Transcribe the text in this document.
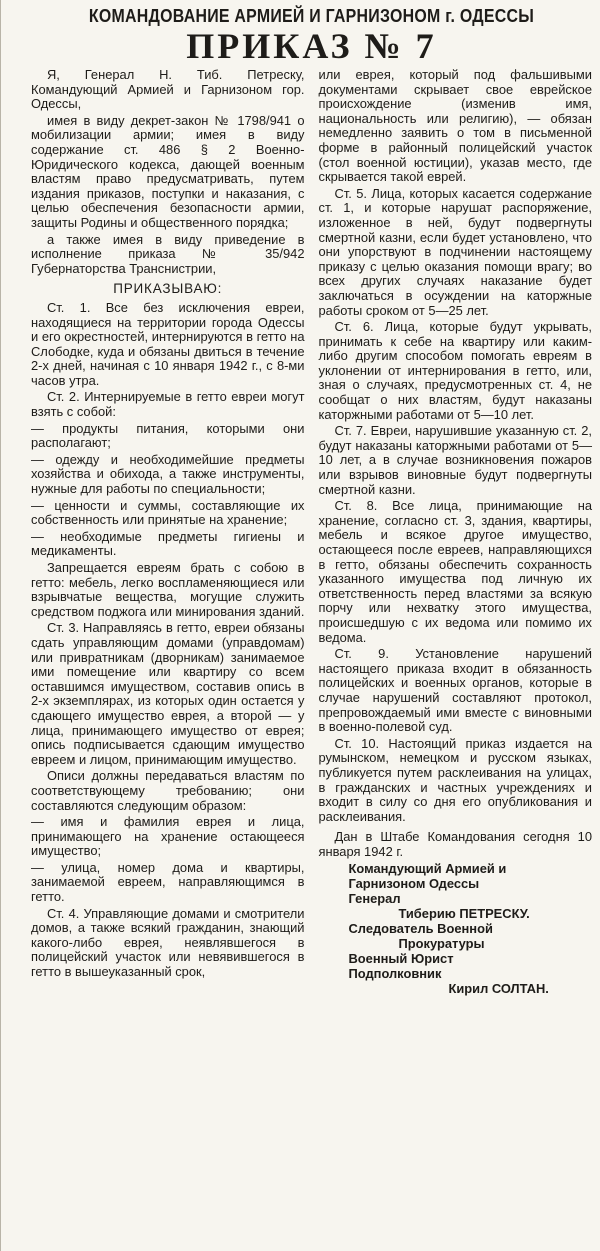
КОМАНДОВАНИЕ АРМИЕЙ И ГАРНИЗОНОМ г. ОДЕССЫ
ПРИКАЗ № 7

Я, Генерал Н. Тиб. Петреску, Командующий Армией и Гарнизоном гор. Одессы,

имея в виду декрет-закон № 1798/941 о мобилизации армии; имея в виду содержание ст. 486 § 2 Военно-Юридического кодекса, дающей военным властям право предусматривать, путем издания приказов, поступки и наказания, с целью обеспечения безопасности армии, защиты Родины и общественного порядка;

а также имея в виду приведение в исполнение приказа № 35/942 Губернаторства Транснистрии,

ПРИКАЗЫВАЮ:

Ст. 1. Все без исключения евреи, находящиеся на территории города Одессы и его окрестностей, интернируются в гетто на Слободке, куда и обязаны двиться в течение 2-х дней, начиная с 10 января 1942 г., с 8-ми часов утра.

Ст. 2. Интернируемые в гетто евреи могут взять с собой:

— продукты питания, которыми они располагают;

— одежду и необходимейшие предметы хозяйства и обихода, а также инструменты, нужные для работы по специальности;

— ценности и суммы, составляющие их собственность или принятые на хранение;

— необходимые предметы гигиены и медикаменты.

Запрещается евреям брать с собою в гетто: мебель, легко воспламеняющиеся или взрывчатые вещества, могущие служить средством поджога или минирования зданий.

Ст. 3. Направляясь в гетто, евреи обязаны сдать управляющим домами (управдомам) или привратникам (дворникам) занимаемое ими помещение или квартиру со всем оставшимся имуществом, составив опись в 2-х экземплярах, из которых один остается у сдающего имущество еврея, а второй — у лица, принимающего имущество от еврея; опись подписывается сдающим имущество евреем и лицом, принимающим имущество.

Описи должны передаваться властям по соответствующему требованию; они составляются следующим образом:

— имя и фамилия еврея и лица, принимающего на хранение остающееся имущество;

— улица, номер дома и квартиры, занимаемой евреем, направляющимся в гетто.

Ст. 4. Управляющие домами и смотрители домов, а также всякий гражданин, знающий какого-либо еврея, неявлявшегося в полицейский участок или невявившегося в гетто в вышеуказанный срок,

или еврея, который под фальшивыми документами скрывает свое еврейское происхождение (изменив имя, национальность или религию), — обязан немедленно заявить о том в письменной форме в районный полицейский участок (стол военной юстиции), указав место, где скрывается такой еврей.

Ст. 5. Лица, которых касается содержание ст. 1, и которые нарушат распоряжение, изложенное в ней, будут подвергнуты смертной казни, если будет установлено, что они упорствуют в подчинении настоящему приказу с целью оказания помощи врагу; во всех других случаях наказание будет заключаться в осуждении на каторжные работы сроком от 5—25 лет.

Ст. 6. Лица, которые будут укрывать, принимать к себе на квартиру или каким-либо другим способом помогать евреям в уклонении от интернирования в гетто, или, зная о случаях, предусмотренных ст. 4, не сообщат о них властям, будут наказаны каторжными работами от 5—10 лет.

Ст. 7. Евреи, нарушившие указанную ст. 2, будут наказаны каторжными работами от 5—10 лет, а в случае возникновения пожаров или взрывов виновные будут подвергнуты смертной казни.

Ст. 8. Все лица, принимающие на хранение, согласно ст. 3, здания, квартиры, мебель и всякое другое имущество, остающееся после евреев, направляющихся в гетто, обязаны обеспечить сохранность указанного имущества под личную их ответственность перед властями за всякую порчу или нехватку этого имущества, происшедшую с их ведома или помимо их ведома.

Ст. 9. Установление нарушений настоящего приказа входит в обязанность полицейских и военных органов, которые в случае нарушений составляют протокол, препровождаемый ими вместе с виновными в военно-полевой суд.

Ст. 10. Настоящий приказ издается на румынском, немецком и русском языках, публикуется путем расклеивания на улицах, в гражданских и частных учреждениях и входит в силу со дня его опубликования и расклеивания.

Дан в Штабе Командования сегодня 10 января 1942 г.

Командующий Армией и

Гарнизоном Одессы

Генерал

Тиберию ПЕТРЕСКУ.

Следователь Военной

Прокуратуры

Военный Юрист

Подполковник

Кирил СОЛТАН.
